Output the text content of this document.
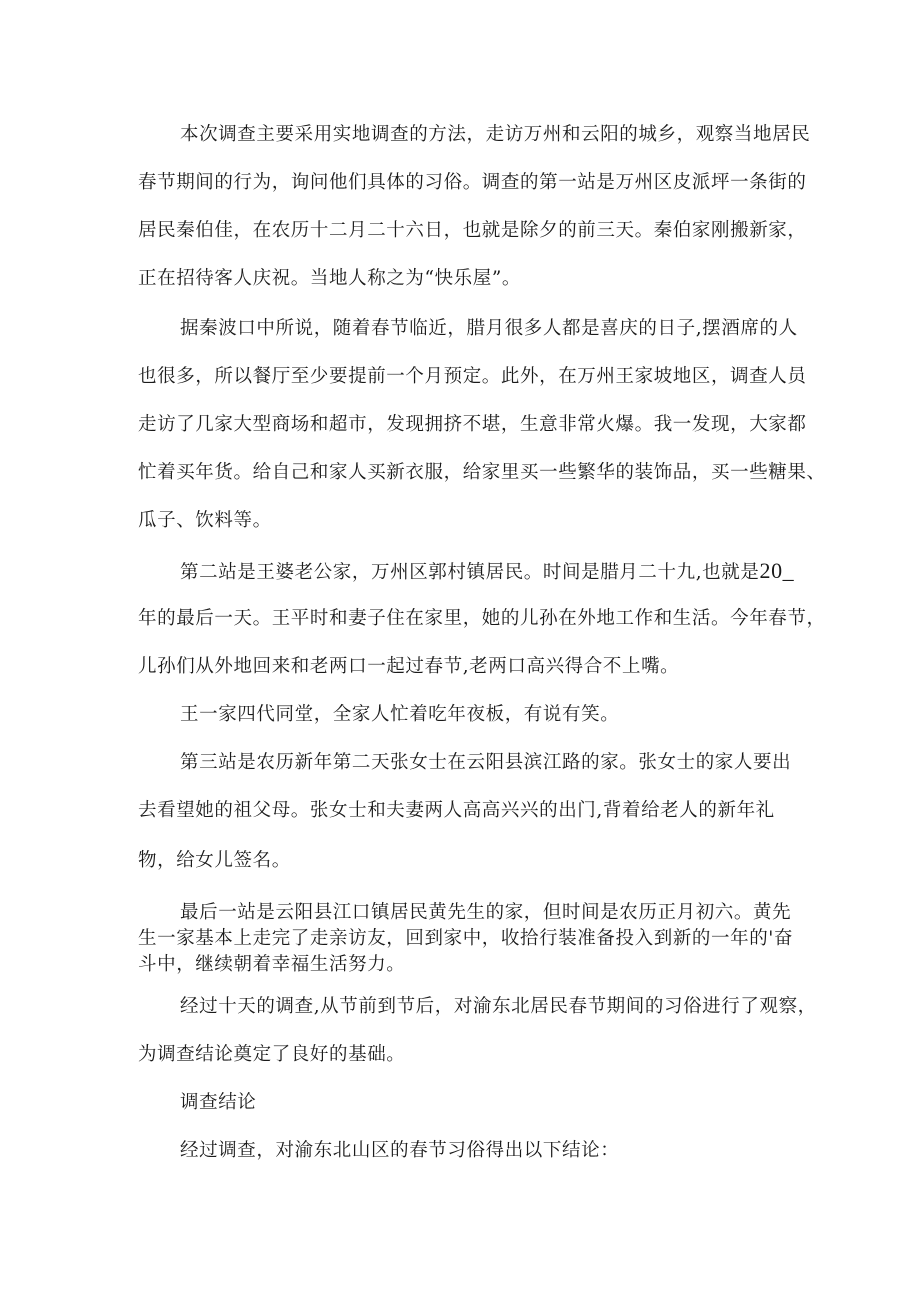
本次调查主要采用实地调查的方法，走访万州和云阳的城乡，观察当地居民
春节期间的行为，询问他们具体的习俗。调查的第一站是万州区皮派坪一条街的
居民秦伯佳，在农历十二月二十六日，也就是除夕的前三天。秦伯家刚搬新家，
正在招待客人庆祝。当地人称之为“快乐屋”。
据秦波口中所说，随着春节临近，腊月很多人都是喜庆的日子,摆酒席的人
也很多，所以餐厅至少要提前一个月预定。此外，在万州王家坡地区，调查人员
走访了几家大型商场和超市，发现拥挤不堪，生意非常火爆。我一发现，大家都
忙着买年货。给自己和家人买新衣服，给家里买一些繁华的装饰品，买一些糖果、
瓜子、饮料等。
第二站是王婆老公家，万州区郭村镇居民。时间是腊月二十九,也就是20_
年的最后一天。王平时和妻子住在家里，她的儿孙在外地工作和生活。今年春节，
儿孙们从外地回来和老两口一起过春节,老两口高兴得合不上嘴。
王一家四代同堂，全家人忙着吃年夜板，有说有笑。
第三站是农历新年第二天张女士在云阳县滨江路的家。张女士的家人要出
去看望她的祖父母。张女士和夫妻两人高高兴兴的出门,背着给老人的新年礼
物，给女儿签名。
最后一站是云阳县江口镇居民黄先生的家，但时间是农历正月初六。黄先
生一家基本上走完了走亲访友，回到家中，收拾行装准备投入到新的一年的'奋
斗中，继续朝着幸福生活努力。
经过十天的调查,从节前到节后，对渝东北居民春节期间的习俗进行了观察，
为调查结论奠定了良好的基础。
调查结论
经过调查，对渝东北山区的春节习俗得出以下结论：
